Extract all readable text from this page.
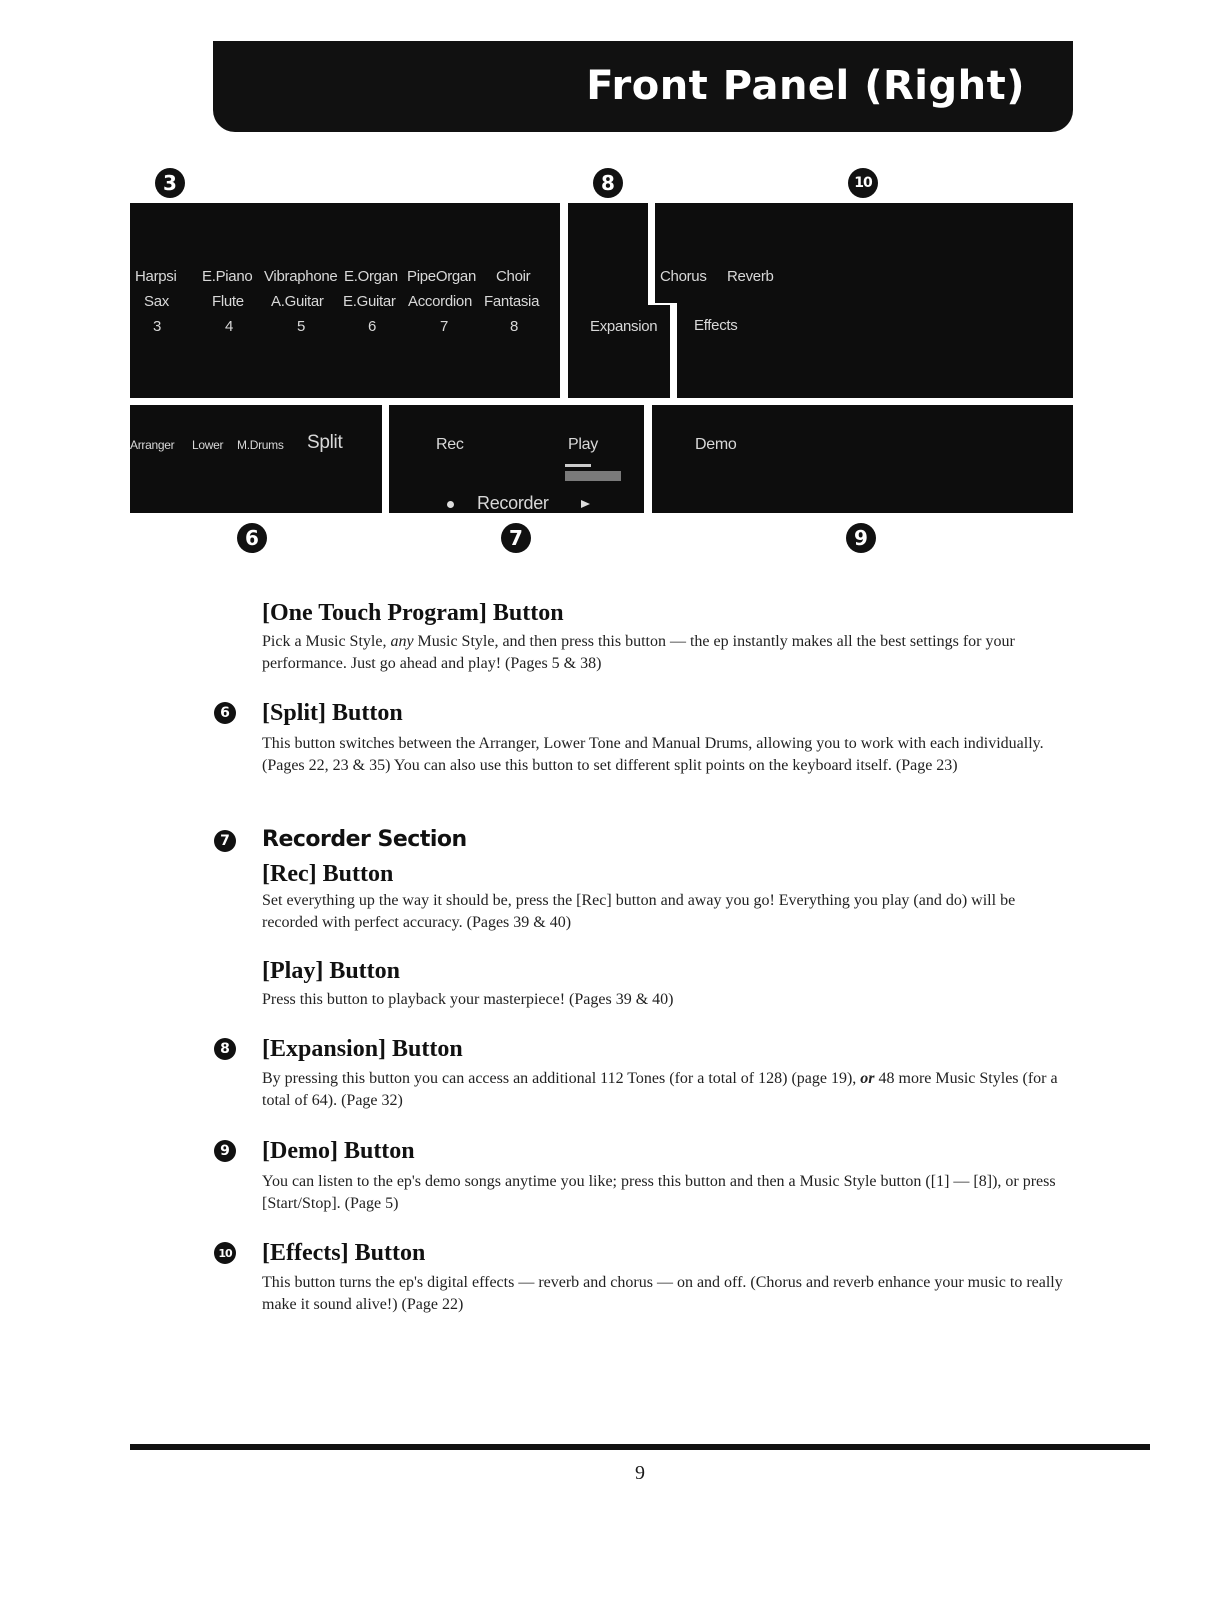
Front Panel (Right)
3	8	10
Harpsi E.Piano Vibraphone E.Organ PipeOrgan Choir
Sax	Flute A.Guitar E.Guitar Accordion Fantasia
3	4	5	6	7	8	Expansion
Chorus Reverb
Effects
Arranger Lower M.Drums Split	Rec	Play
Recorder
Demo
6	7	9
[One Touch Program] Button
Pick a Music Style, any Music Style, and then press this button — the ep instantly makes all the best settings for your performance. Just go ahead and play! (Pages 5 & 38)
6 [Split] Button
This button switches between the Arranger, Lower Tone and Manual Drums, allowing you to work with each individually. (Pages 22, 23 & 35) You can also use this button to set different split points on the keyboard itself. (Page 23)
7 Recorder Section
[Rec] Button
Set everything up the way it should be, press the [Rec] button and away you go! Everything you play (and do) will be recorded with perfect accuracy. (Pages 39 & 40)
[Play] Button
Press this button to playback your masterpiece! (Pages 39 & 40)
8 [Expansion] Button
By pressing this button you can access an additional 112 Tones (for a total of 128) (page 19), or 48 more Music Styles (for a total of 64). (Page 32)
9 [Demo] Button
You can listen to the ep's demo songs anytime you like; press this button and then a Music Style button ([1] — [8]), or press [Start/Stop]. (Page 5)
10 [Effects] Button
This button turns the ep's digital effects — reverb and chorus — on and off. (Chorus and reverb enhance your music to really make it sound alive!) (Page 22)
9
